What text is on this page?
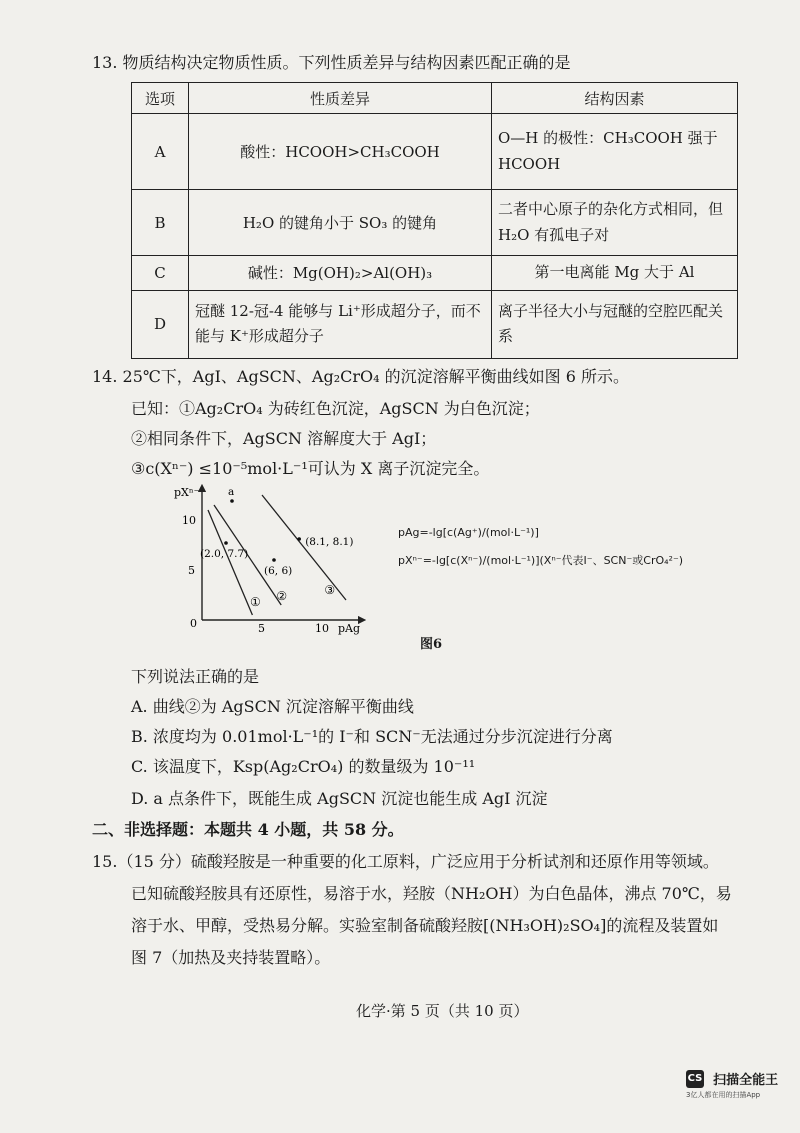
13. 物质结构决定物质性质。下列性质差异与结构因素匹配正确的是
选项	性质差异	结构因素
A	酸性：HCOOH>CH₃COOH	O—H 的极性：CH₃COOH 强于 HCOOH
B	H₂O 的键角小于 SO₃ 的键角	二者中心原子的杂化方式相同，但 H₂O 有孤电子对
C	碱性：Mg(OH)₂>Al(OH)₃	第一电离能 Mg 大于 Al
D	冠醚 12-冠-4 能够与 Li⁺形成超分子，而不能与 K⁺形成超分子	离子半径大小与冠醚的空腔匹配关系
14. 25℃下，AgI、AgSCN、Ag₂CrO₄ 的沉淀溶解平衡曲线如图 6 所示。
已知：①Ag₂CrO₄ 为砖红色沉淀，AgSCN 为白色沉淀；
②相同条件下，AgSCN 溶解度大于 AgI；
③c(Xⁿ⁻) ≤10⁻⁵mol·L⁻¹可认为 X 离子沉淀完全。
pXⁿ⁻
pAg
0	5	10
5
10
① ②	③
(2.0, 7.7)
(6, 6)
(8.1, 8.1)
a
pAg=-lg[c(Ag⁺)/(mol·L⁻¹)]
pXⁿ⁻=-lg[c(Xⁿ⁻)/(mol·L⁻¹)](Xⁿ⁻代表I⁻、SCN⁻或CrO₄²⁻)
图6
下列说法正确的是
A. 曲线②为 AgSCN 沉淀溶解平衡曲线
B. 浓度均为 0.01mol·L⁻¹的 I⁻和 SCN⁻无法通过分步沉淀进行分离
C. 该温度下，Ksp(Ag₂CrO₄) 的数量级为 10⁻¹¹
D. a 点条件下，既能生成 AgSCN 沉淀也能生成 AgI 沉淀
二、非选择题：本题共 4 小题，共 58 分。
15.（15 分）硫酸羟胺是一种重要的化工原料，广泛应用于分析试剂和还原作用等领域。
已知硫酸羟胺具有还原性，易溶于水，羟胺（NH₂OH）为白色晶体，沸点 70℃，易
溶于水、甲醇，受热易分解。实验室制备硫酸羟胺[(NH₃OH)₂SO₄]的流程及装置如
图 7（加热及夹持装置略）。
化学·第 5 页（共 10 页）
CS 扫描全能王
3亿人都在用的扫描App
